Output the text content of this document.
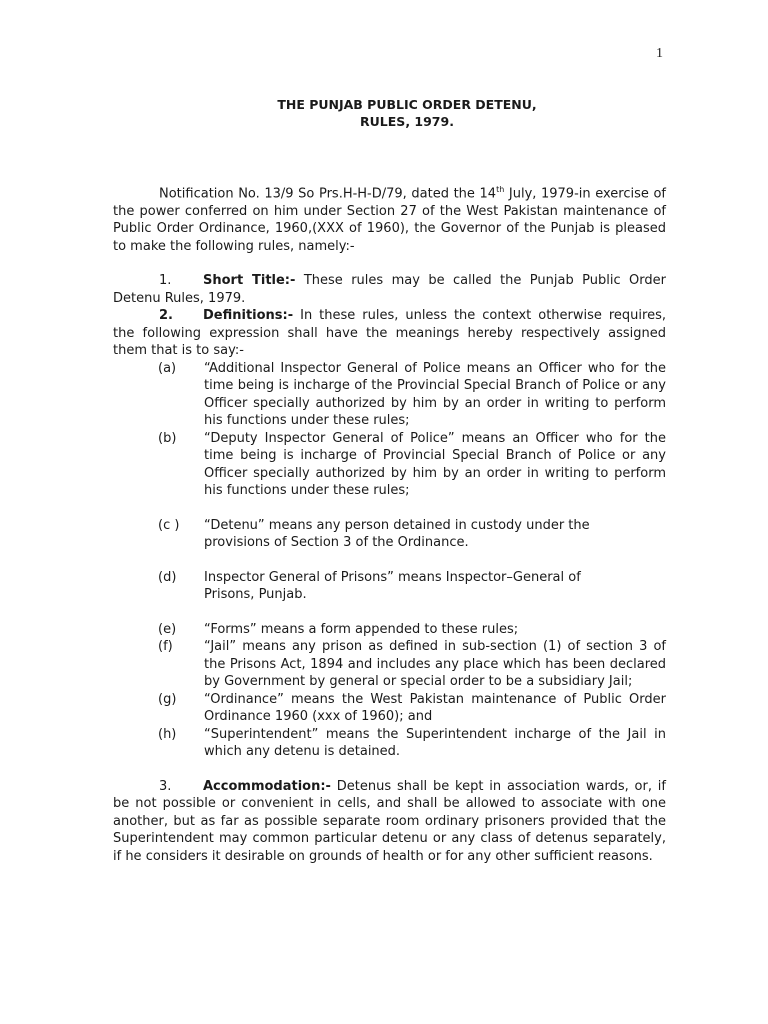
1
THE PUNJAB PUBLIC ORDER DETENU,
RULES, 1979.

Notification No. 13/9 So Prs.H-H-D/79, dated the 14th July, 1979-in exercise of the power conferred on him under Section 27 of the West Pakistan maintenance of Public Order Ordinance, 1960,(XXX of 1960), the Governor of the Punjab is pleased to make the following rules, namely:-

1. Short Title:- These rules may be called the Punjab Public Order Detenu Rules, 1979.

2. Definitions:- In these rules, unless the context otherwise requires, the following expression shall have the meanings hereby respectively assigned them that is to say:-

(a)	“Additional Inspector General of Police means an Officer who for the time being is incharge of the Provincial Special Branch of Police or any Officer specially authorized by him by an order in writing to perform his functions under these rules;
(b)	“Deputy Inspector General of Police” means an Officer who for the time being is incharge of Provincial Special Branch of Police or any Officer specially authorized by him by an order in writing to perform his functions under these rules;
(c )	“Detenu” means any person detained in custody under the provisions of Section 3 of the Ordinance.
(d)	Inspector General of Prisons” means Inspector–General of Prisons, Punjab.
(e)	“Forms” means a form appended to these rules;
(f)	“Jail” means any prison as defined in sub-section (1) of section 3 of the Prisons Act, 1894 and includes any place which has been declared by Government by general or special order to be a subsidiary Jail;
(g)	“Ordinance” means the West Pakistan maintenance of Public Order Ordinance 1960 (xxx of 1960); and
(h)	“Superintendent” means the Superintendent incharge of the Jail in which any detenu is detained.

3. Accommodation:- Detenus shall be kept in association wards, or, if be not possible or convenient in cells, and shall be allowed to associate with one another, but as far as possible separate room ordinary prisoners provided that the Superintendent may common particular detenu or any class of detenus separately, if he considers it desirable on grounds of health or for any other sufficient reasons.
